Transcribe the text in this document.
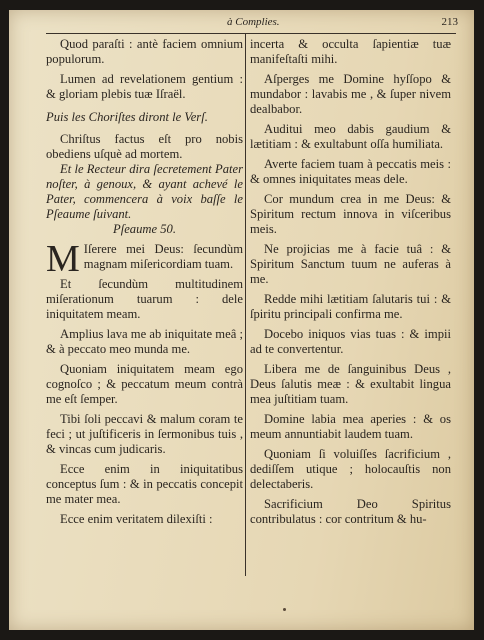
à Complies.	213

Quod paraſti : antè faciem omnium populorum.

Lumen ad revelationem gentium : & gloriam plebis tuæ Iſraël.

Puis les Choriſtes diront le Verſ.

Chriſtus factus eſt pro nobis obediens uſquè ad mortem.

Et le Recteur dira ſecretement Pater noſter, à genoux, & ayant achevé le Pater, commencera à voix baſſe le Pſeaume ſuivant.

Pſeaume 50.

M Iſerere mei Deus: ſecundùm magnam miſericordiam tuam.

Et ſecundùm multitudinem miſerationum tuarum : dele iniquitatem meam.

Amplius lava me ab iniquitate meâ ; & à peccato meo munda me.

Quoniam iniquitatem meam ego cognoſco ; & peccatum meum contrà me eſt ſemper.

Tibi ſoli peccavi & malum coram te feci ; ut juſtificeris in ſermonibus tuis , & vincas cum judicaris.

Ecce enim in iniquitatibus conceptus ſum : & in peccatis concepit me mater mea.

Ecce enim veritatem dilexiſti :

incerta & occulta ſapientiæ tuæ manifeſtaſti mihi.

Aſperges me Domine hyſſopo & mundabor : lavabis me , & ſuper nivem dealbabor.

Auditui meo dabis gaudium & lætitiam : & exultabunt oſſa humiliata.

Averte faciem tuam à peccatis meis : & omnes iniquitates meas dele.

Cor mundum crea in me Deus: & Spiritum rectum innova in viſceribus meis.

Ne projicias me à facie tuâ : & Spiritum Sanctum tuum ne auferas à me.

Redde mihi lætitiam ſalutaris tui : & ſpiritu principali confirma me.

Docebo iniquos vias tuas : & impii ad te convertentur.

Libera me de ſanguinibus Deus , Deus ſalutis meæ : & exultabit lingua mea juſtitiam tuam.

Domine labia mea aperies : & os meum annuntiabit laudem tuam.

Quoniam ſi voluiſſes ſacrificium , dediſſem utique ; holocauſtis non delectaberis.

Sacrificium Deo Spiritus contribulatus : cor contritum & hu-
